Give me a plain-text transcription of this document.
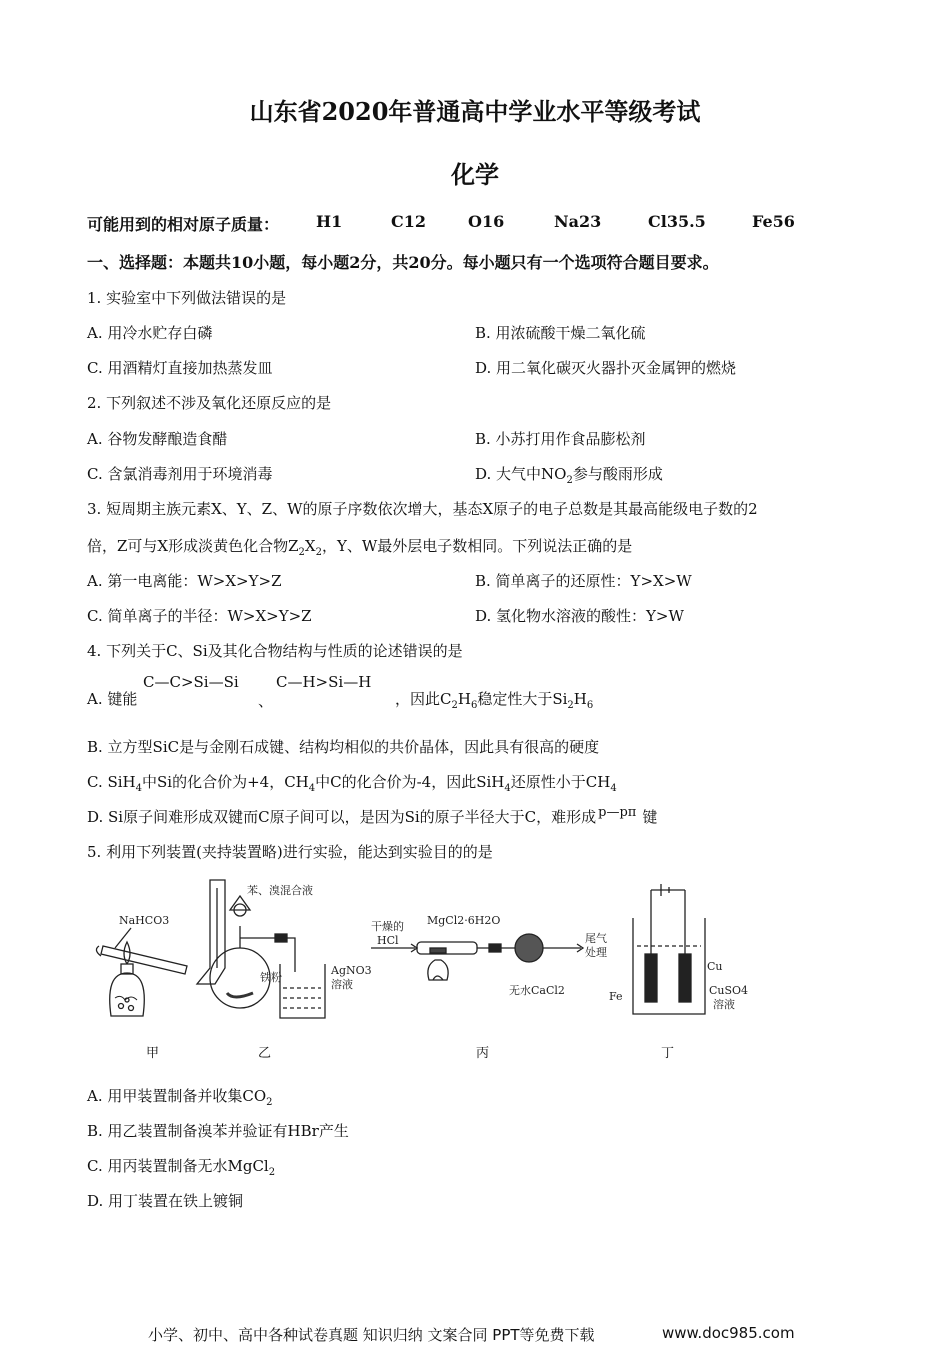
山东省2020年普通高中学业水平等级考试
化学
可能用到的相对原子质量： H1	C12	O16	Na23	Cl35.5	Fe56
一、选择题：本题共10小题，每小题2分，共20分。每小题只有一个选项符合题目要求。
1. 实验室中下列做法错误的是
A. 用冷水贮存白磷	B. 用浓硫酸干燥二氧化硫
C. 用酒精灯直接加热蒸发皿	D. 用二氧化碳灭火器扑灭金属钾的燃烧
2. 下列叙述不涉及氧化还原反应的是
A. 谷物发酵酿造食醋	B. 小苏打用作食品膨松剂
C. 含氯消毒剂用于环境消毒	D. 大气中$NO_2$参与酸雨形成
3. 短周期主族元素X、Y、Z、W的原子序数依次增大，基态X原子的电子总数是其最高能级电子数的2
倍，Z可与X形成淡黄色化合物$Z_2X_2$，Y、W最外层电子数相同。下列说法正确的是
A. 第一电离能：W>X>Y>Z	B. 简单离子的还原性：Y>X>W
C. 简单离子的半径：W>X>Y>Z	D. 氢化物水溶液的酸性：Y>W
4. 下列关于C、Si及其化合物结构与性质的论述错误的是
A. 键能
C—C>Si—Si
、
C—H>Si—H
，因此$C_2H_6$稳定性大于$Si_2H_6$
B. 立方型SiC是与金刚石成键、结构均相似的共价晶体，因此具有很高的硬度
C. SiH$_4$中Si的化合价为+4，$CH_4$中C的化合价为-4，因此SiH$_4$还原性小于$CH_4$
D. Si原子间难形成双键而C原子间可以，是因为Si的原子半径大于C，难形成 p—pπ 键
5. 利用下列装置(夹持装置略)进行实验，能达到实验目的的是
NaHCO3
苯、溴混合液
铁粉
AgNO3
溶液
干燥的
HCl
MgCl2·6H2O
尾气
处理
无水CaCl2
Cu
Fe	CuSO4
溶液
甲	乙	丙	丁
A. 用甲装置制备并收集$CO_2$
B. 用乙装置制备溴苯并验证有HBr产生
C. 用丙装置制备无水MgCl$_2$
D. 用丁装置在铁上镀铜
小学、初中、高中各种试卷真题 知识归纳 文案合同 PPT等免费下载	www.doc985.com
